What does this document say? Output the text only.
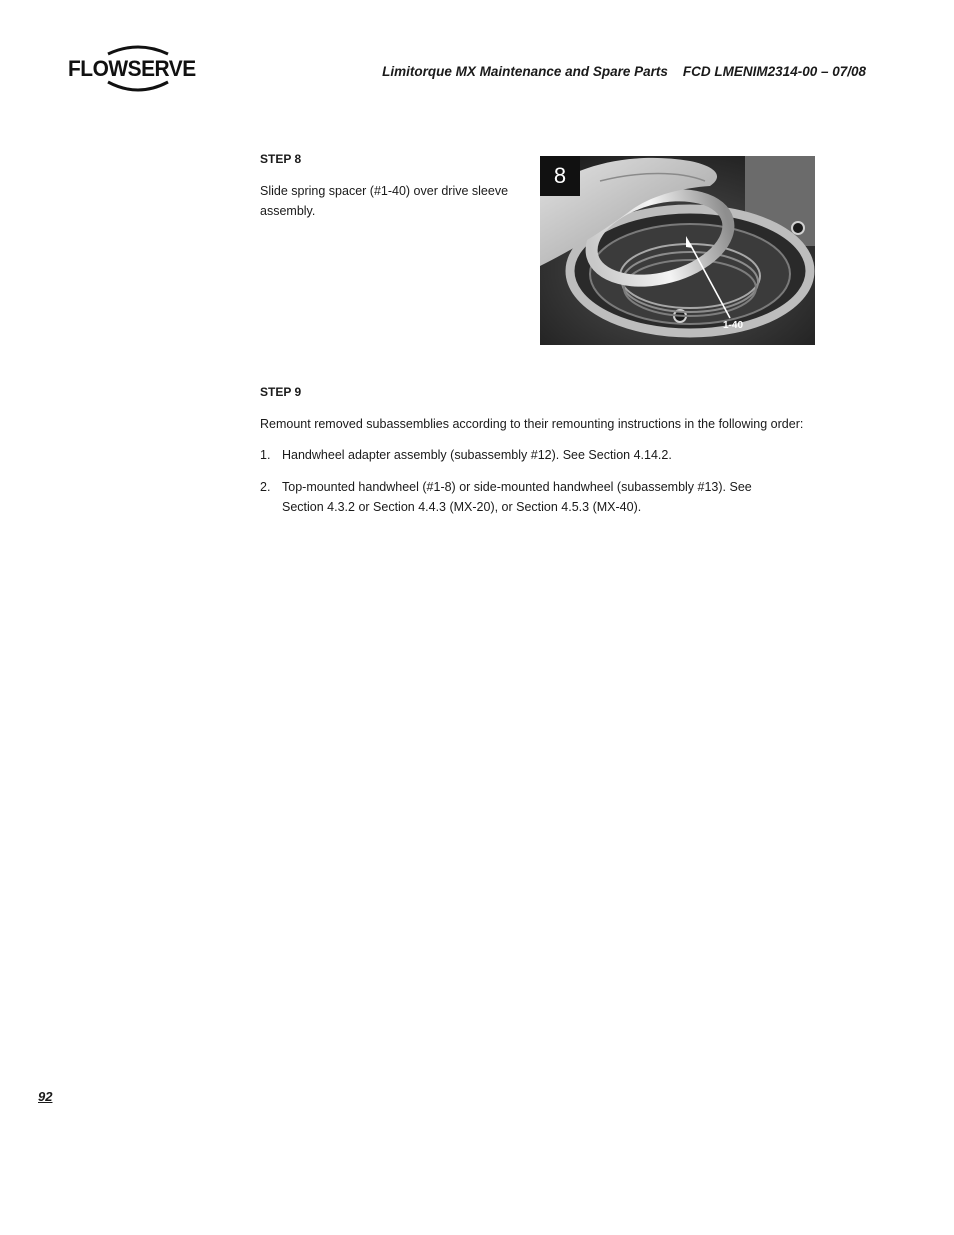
FLOWSERVE	Limitorque MX Maintenance and Spare Parts    FCD LMENIM2314-00 – 07/08
STEP 8
Slide spring spacer (#1-40) over drive sleeve assembly.
8
1-40
STEP 9
Remount removed subassemblies according to their remounting instructions in the following order:
1. Handwheel adapter assembly (subassembly #12). See Section 4.14.2.
2. Top-mounted handwheel (#1-8) or side-mounted handwheel (subassembly #13). See Section 4.3.2 or Section 4.4.3 (MX-20), or Section 4.5.3 (MX-40).
92
